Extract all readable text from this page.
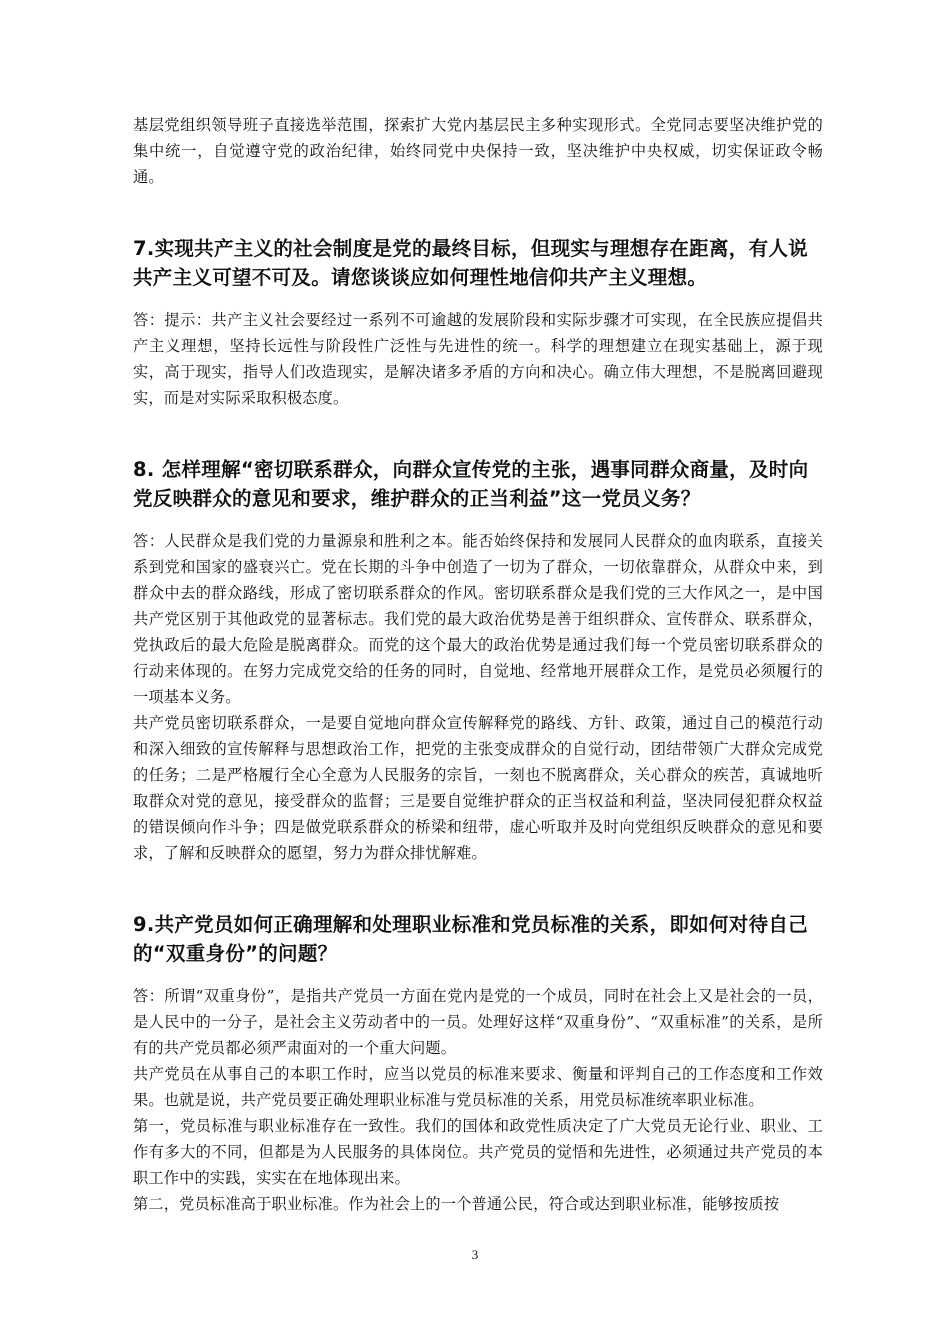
基层党组织领导班子直接选举范围，探索扩大党内基层民主多种实现形式。全党同志要坚决维护党的集中统一，自觉遵守党的政治纪律，始终同党中央保持一致，坚决维护中央权威，切实保证政令畅通。

7.实现共产主义的社会制度是党的最终目标，但现实与理想存在距离，有人说共产主义可望不可及。请您谈谈应如何理性地信仰共产主义理想。

答：提示：共产主义社会要经过一系列不可逾越的发展阶段和实际步骤才可实现，在全民族应提倡共产主义理想，坚持长远性与阶段性广泛性与先进性的统一。科学的理想建立在现实基础上，源于现实，高于现实，指导人们改造现实，是解决诸多矛盾的方向和决心。确立伟大理想，不是脱离回避现实，而是对实际采取积极态度。

8. 怎样理解“密切联系群众，向群众宣传党的主张，遇事同群众商量，及时向党反映群众的意见和要求，维护群众的正当利益”这一党员义务？

答：人民群众是我们党的力量源泉和胜利之本。能否始终保持和发展同人民群众的血肉联系，直接关系到党和国家的盛衰兴亡。党在长期的斗争中创造了一切为了群众，一切依靠群众，从群众中来，到群众中去的群众路线，形成了密切联系群众的作风。密切联系群众是我们党的三大作风之一，是中国共产党区别于其他政党的显著标志。我们党的最大政治优势是善于组织群众、宣传群众、联系群众，党执政后的最大危险是脱离群众。而党的这个最大的政治优势是通过我们每一个党员密切联系群众的行动来体现的。在努力完成党交给的任务的同时，自觉地、经常地开展群众工作，是党员必须履行的一项基本义务。

共产党员密切联系群众，一是要自觉地向群众宣传解释党的路线、方针、政策，通过自己的模范行动和深入细致的宣传解释与思想政治工作，把党的主张变成群众的自觉行动，团结带领广大群众完成党的任务；二是严格履行全心全意为人民服务的宗旨，一刻也不脱离群众，关心群众的疾苦，真诚地听取群众对党的意见，接受群众的监督；三是要自觉维护群众的正当权益和利益，坚决同侵犯群众权益的错误倾向作斗争；四是做党联系群众的桥梁和纽带，虚心听取并及时向党组织反映群众的意见和要求，了解和反映群众的愿望，努力为群众排忧解难。

9.共产党员如何正确理解和处理职业标准和党员标准的关系，即如何对待自己的“双重身份”的问题？

答：所谓“双重身份”，是指共产党员一方面在党内是党的一个成员，同时在社会上又是社会的一员，是人民中的一分子，是社会主义劳动者中的一员。处理好这样“双重身份”、“双重标准”的关系，是所有的共产党员都必须严肃面对的一个重大问题。

共产党员在从事自己的本职工作时，应当以党员的标准来要求、衡量和评判自己的工作态度和工作效果。也就是说，共产党员要正确处理职业标准与党员标准的关系，用党员标准统率职业标准。

第一，党员标准与职业标准存在一致性。我们的国体和政党性质决定了广大党员无论行业、职业、工作有多大的不同，但都是为人民服务的具体岗位。共产党员的觉悟和先进性，必须通过共产党员的本职工作中的实践，实实在在地体现出来。

第二，党员标准高于职业标准。作为社会上的一个普通公民，符合或达到职业标准，能够按质按

3
